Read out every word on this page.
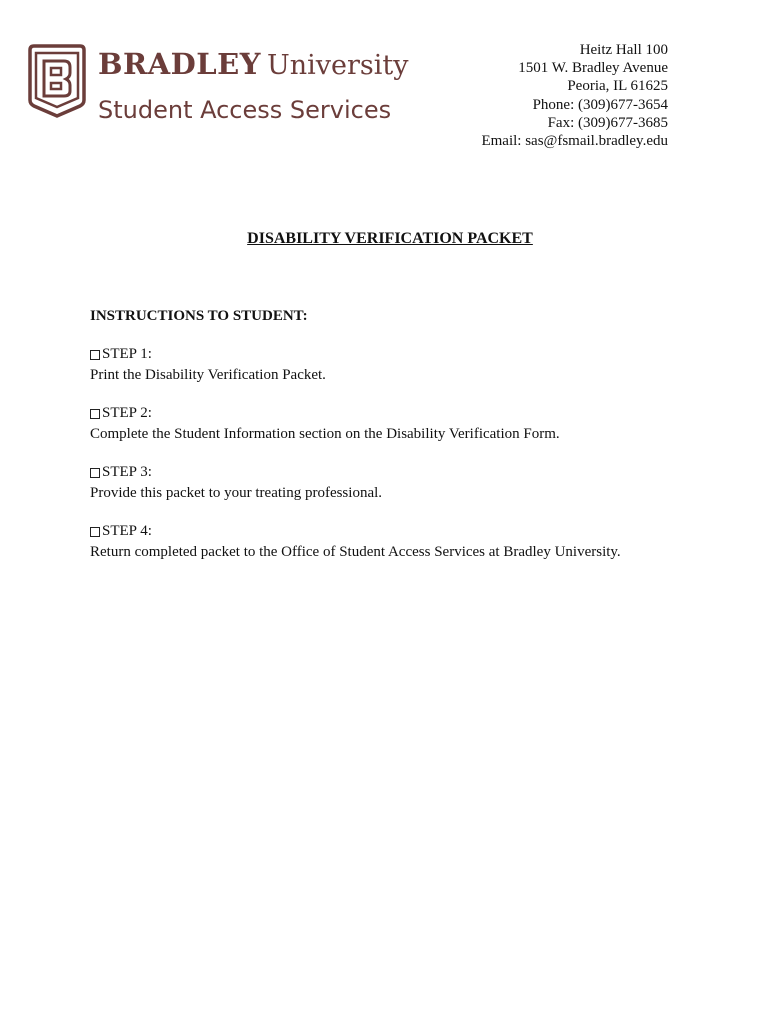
BRADLEY University
Student Access Services
Heitz Hall 100
1501 W. Bradley Avenue
Peoria, IL 61625
Phone: (309)677-3654
Fax: (309)677-3685
Email: sas@fsmail.bradley.edu
DISABILITY VERIFICATION PACKET
INSTRUCTIONS TO STUDENT:
STEP 1:
Print the Disability Verification Packet.
STEP 2:
Complete the Student Information section on the Disability Verification Form.
STEP 3:
Provide this packet to your treating professional.
STEP 4:
Return completed packet to the Office of Student Access Services at Bradley University.
